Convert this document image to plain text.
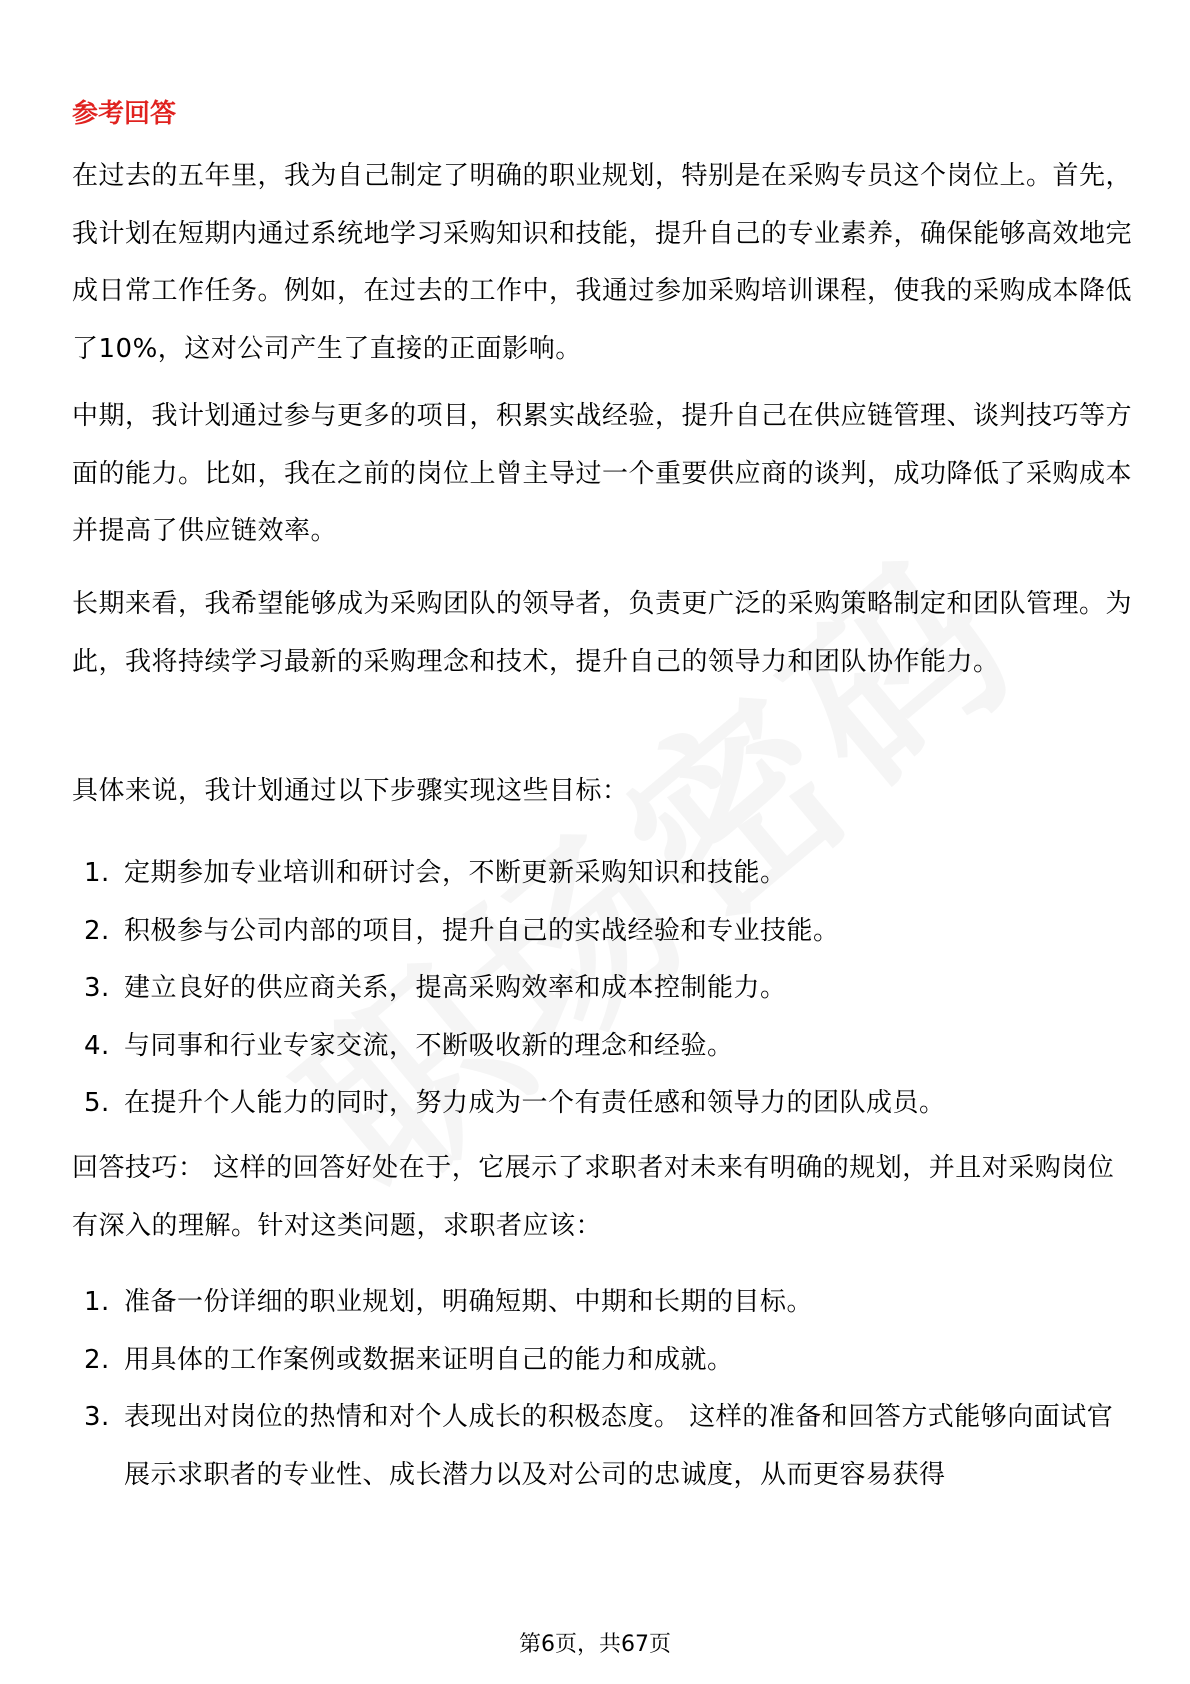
参考回答

在过去的五年里，我为自己制定了明确的职业规划，特别是在采购专员这个岗位上。首先，我计划在短期内通过系统地学习采购知识和技能，提升自己的专业素养，确保能够高效地完成日常工作任务。例如，在过去的工作中，我通过参加采购培训课程，使我的采购成本降低了10%，这对公司产生了直接的正面影响。

中期，我计划通过参与更多的项目，积累实战经验，提升自己在供应链管理、谈判技巧等方面的能力。比如，我在之前的岗位上曾主导过一个重要供应商的谈判，成功降低了采购成本并提高了供应链效率。

长期来看，我希望能够成为采购团队的领导者，负责更广泛的采购策略制定和团队管理。为此，我将持续学习最新的采购理念和技术，提升自己的领导力和团队协作能力。

具体来说，我计划通过以下步骤实现这些目标：

1. 定期参加专业培训和研讨会，不断更新采购知识和技能。
2. 积极参与公司内部的项目，提升自己的实战经验和专业技能。
3. 建立良好的供应商关系，提高采购效率和成本控制能力。
4. 与同事和行业专家交流，不断吸收新的理念和经验。
5. 在提升个人能力的同时，努力成为一个有责任感和领导力的团队成员。

回答技巧： 这样的回答好处在于，它展示了求职者对未来有明确的规划，并且对采购岗位有深入的理解。针对这类问题，求职者应该：

1. 准备一份详细的职业规划，明确短期、中期和长期的目标。
2. 用具体的工作案例或数据来证明自己的能力和成就。
3. 表现出对岗位的热情和对个人成长的积极态度。 这样的准备和回答方式能够向面试官展示求职者的专业性、成长潜力以及对公司的忠诚度，从而更容易获得
第6页，共67页
